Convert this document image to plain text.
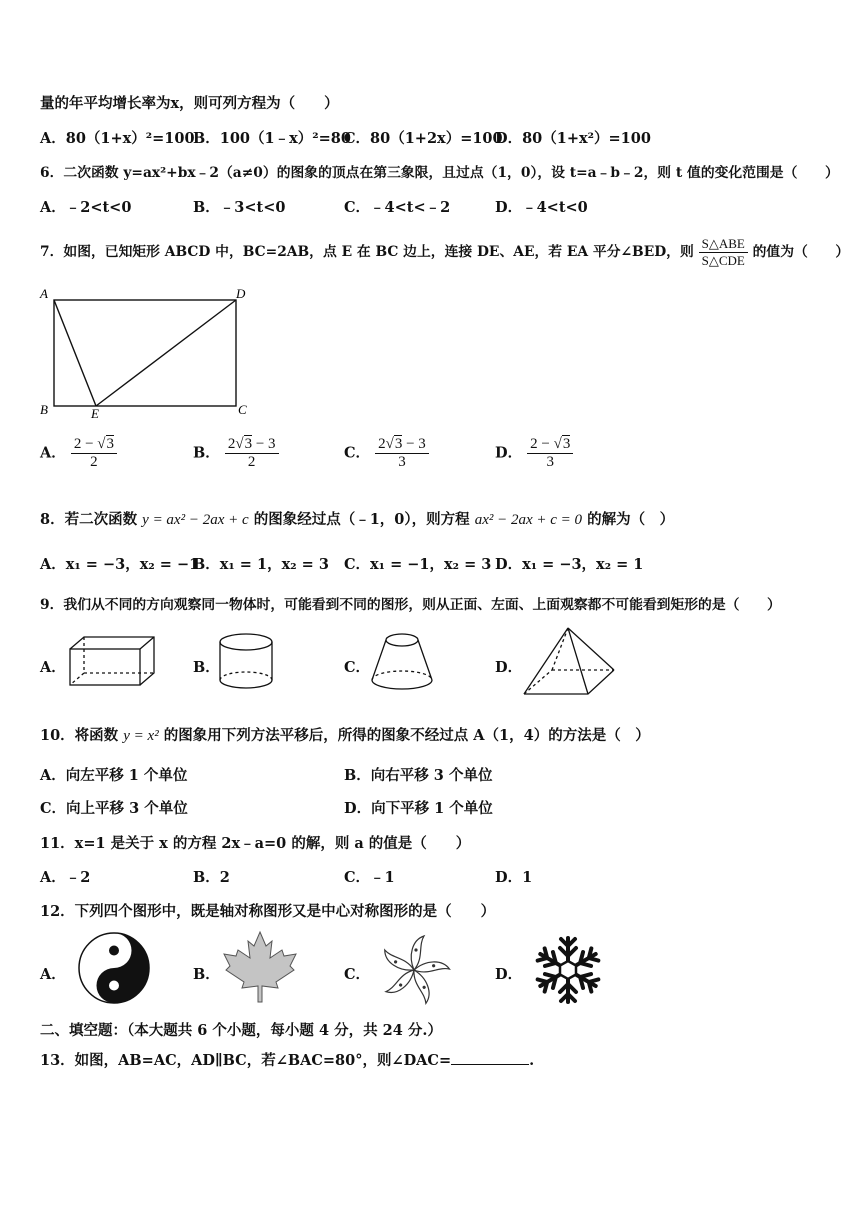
量的年平均增长率为x，则可列方程为（　　）
A．80（1+x）²=100
B．100（1﹣x）²=80
C．80（1+2x）=100
D．80（1+x²）=100
6．二次函数 y=ax²+bx﹣2（a≠0）的图象的顶点在第三象限，且过点（1，0），设 t=a﹣b﹣2，则 t 值的变化范围是（　　）
A．﹣2<t<0	B．﹣3<t<0	C．﹣4<t<﹣2	D．﹣4<t<0
7．如图，已知矩形 ABCD 中，BC=2AB，点 E 在 BC 边上，连接 DE、AE，若 EA 平分∠BED，则 $\frac{\text{S△ABE}}{\text{S△CDE}}$ 的值为（　　）
A	D
B	C
E
A． $\frac{2 - √3}{2}$	B． $\frac{2√3 - 3}{2}$	C． $\frac{2√3 - 3}{3}$	D． $\frac{2 - √3}{3}$
8．若二次函数 y = ax² − 2ax + c 的图象经过点（﹣1，0），则方程 ax² − 2ax + c = 0 的解为（　）
A．x₁ = −3，x₂ = −1
B．x₁ = 1，x₂ = 3 C．x₁ = −1，x₂ = 3 D．x₁ = −3，x₂ = 1
9．我们从不同的方向观察同一物体时，可能看到不同的图形，则从正面、左面、上面观察都不可能看到矩形的是（　　）
A．	B．	C．	D．
10．将函数 y = x² 的图象用下列方法平移后，所得的图象不经过点 A（1，4）的方法是（　）
A．向左平移 1 个单位	B．向右平移 3 个单位
C．向上平移 3 个单位	D．向下平移 1 个单位
11．x=1 是关于 x 的方程 2x﹣a=0 的解，则 a 的值是（　　）
A．﹣2	B．2	C．﹣1	D．1
12．下列四个图形中，既是轴对称图形又是中心对称图形的是（　　）
A．	B．	C．	D．
二、填空题：（本大题共 6 个小题，每小题 4 分，共 24 分.）
13．如图，AB=AC，AD∥BC，若∠BAC=80°，则∠DAC=	.
